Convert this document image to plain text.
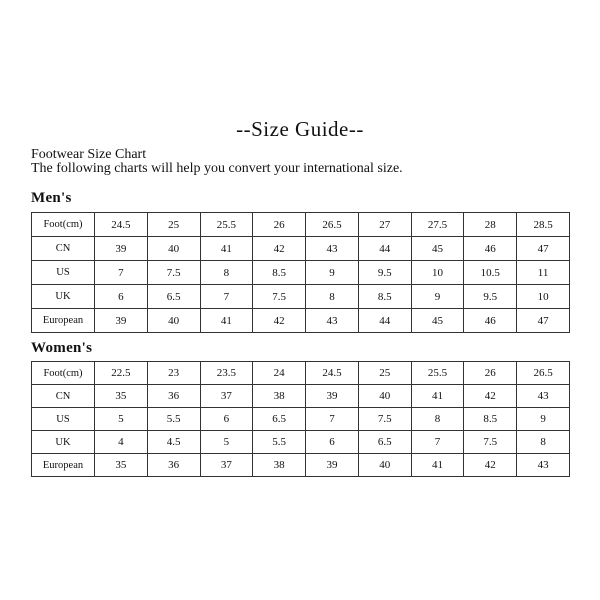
--Size Guide--
Footwear Size Chart
The following charts will help you convert your international size.
Men's
Foot(cm)	24.5	25	25.5	26	26.5	27	27.5	28	28.5
CN	39	40	41	42	43	44	45	46	47
US	7	7.5	8	8.5	9	9.5	10	10.5	11
UK	6	6.5	7	7.5	8	8.5	9	9.5	10
European	39	40	41	42	43	44	45	46	47
Women's
Foot(cm)	22.5	23	23.5	24	24.5	25	25.5	26	26.5
CN	35	36	37	38	39	40	41	42	43
US	5	5.5	6	6.5	7	7.5	8	8.5	9
UK	4	4.5	5	5.5	6	6.5	7	7.5	8
European	35	36	37	38	39	40	41	42	43
